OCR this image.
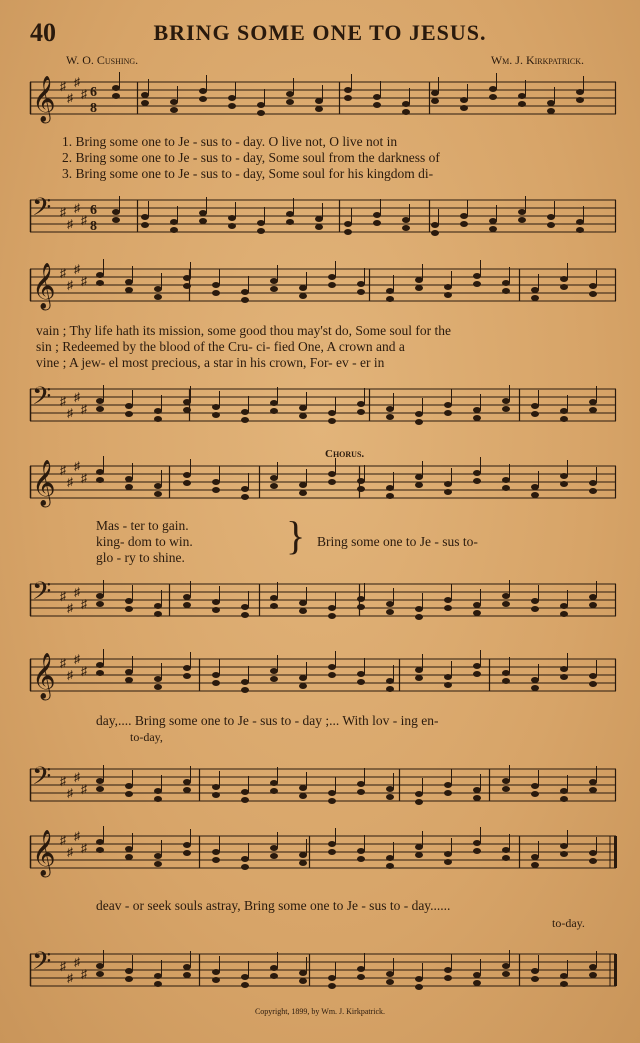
40	BRING SOME ONE TO JESUS.
W. O. Cushing.	Wm. J. Kirkpatrick.
𝄞 ♯
♯
♯
♯ 6
8
1. Bring some one to Je - sus to - day. O live not, O live not in
2. Bring some one to Je - sus to - day, Some soul from the darkness of
3. Bring some one to Je - sus to - day, Some soul for his kingdom di-
𝄢 ♯
♯
♯
♯
6
8
𝄞 ♯
♯
♯
♯
vain ; Thy life hath its mission, some good thou may'st do, Some soul for the
sin ; Redeemed by the blood of the Cru- ci- fied One, A crown and a
vine ; A jew- el most precious, a star in his crown, For- ev - er in
𝄢 ♯
♯
♯
♯
Chorus.
𝄞 ♯
♯
♯
♯
Mas - ter to gain.
king- dom to win.
glo - ry to shine.	} Bring some one to Je - sus to-
𝄢 ♯
♯
♯
♯
𝄞 ♯
♯
♯
♯
day,.... Bring some one to Je - sus to - day ;... With lov - ing en-
to-day,
𝄢 ♯
♯
♯
♯
𝄞 ♯
♯
♯
♯
deav - or seek souls astray, Bring some one to Je - sus to - day......
to-day.
𝄢 ♯
♯
♯
♯
Copyright, 1899, by Wm. J. Kirkpatrick.
